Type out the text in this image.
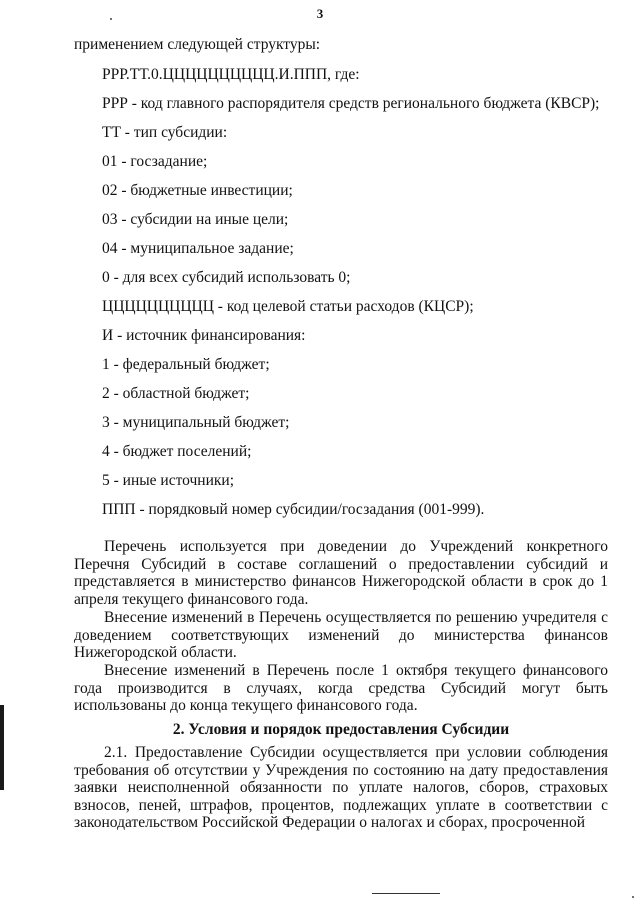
3
применением следующей структуры:
РРР.ТТ.0.ЦЦЦЦЦЦЦЦЦЦ.И.ППП, где:
РРР - код главного распорядителя средств регионального бюджета (КВСР);
ТТ - тип субсидии:
01 - госзадание;
02 - бюджетные инвестиции;
03 - субсидии на иные цели;
04 - муниципальное задание;
0 - для всех субсидий использовать 0;
ЦЦЦЦЦЦЦЦЦЦ - код целевой статьи расходов (КЦСР);
И - источник финансирования:
1 - федеральный бюджет;
2 - областной бюджет;
3 - муниципальный бюджет;
4 - бюджет поселений;
5 - иные источники;
ППП - порядковый номер субсидии/госзадания (001-999).
Перечень используется при доведении до Учреждений конкретного Перечня Субсидий в составе соглашений о предоставлении субсидий и представляется в министерство финансов Нижегородской области в срок до 1 апреля текущего финансового года.
Внесение изменений в Перечень осуществляется по решению учредителя с доведением соответствующих изменений до министерства финансов Нижегородской области.
Внесение изменений в Перечень после 1 октября текущего финансового года производится в случаях, когда средства Субсидий могут быть использованы до конца текущего финансового года.
2. Условия и порядок предоставления Субсидии
2.1. Предоставление Субсидии осуществляется при условии соблюдения требования об отсутствии у Учреждения по состоянию на дату предоставления заявки неисполненной обязанности по уплате налогов, сборов, страховых взносов, пеней, штрафов, процентов, подлежащих уплате в соответствии с законодательством Российской Федерации о налогах и сборах, просроченной
